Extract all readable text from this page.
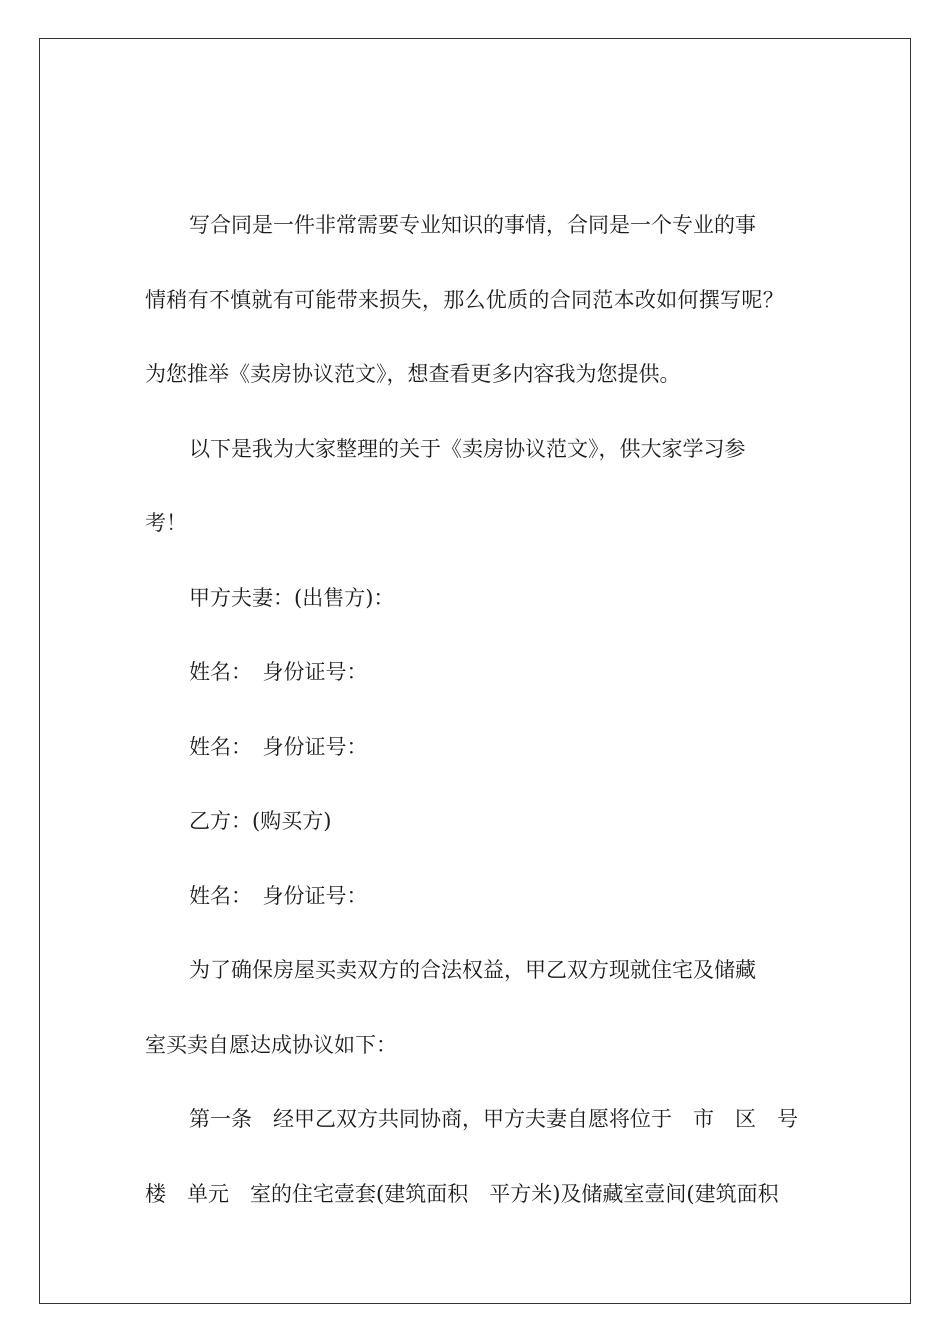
写合同是一件非常需要专业知识的事情，合同是一个专业的事
情稍有不慎就有可能带来损失，那么优质的合同范本改如何撰写呢？
为您推举《卖房协议范文》，想查看更多内容我为您提供。
以下是我为大家整理的关于《卖房协议范文》，供大家学习参
考！
甲方夫妻：(出售方)：
姓名：　身份证号：
姓名：　身份证号：
乙方：(购买方)
姓名：　身份证号：
为了确保房屋买卖双方的合法权益，甲乙双方现就住宅及储藏
室买卖自愿达成协议如下：
第一条　经甲乙双方共同协商，甲方夫妻自愿将位于　市　区　号
楼　单元　室的住宅壹套(建筑面积　平方米)及储藏室壹间(建筑面积
